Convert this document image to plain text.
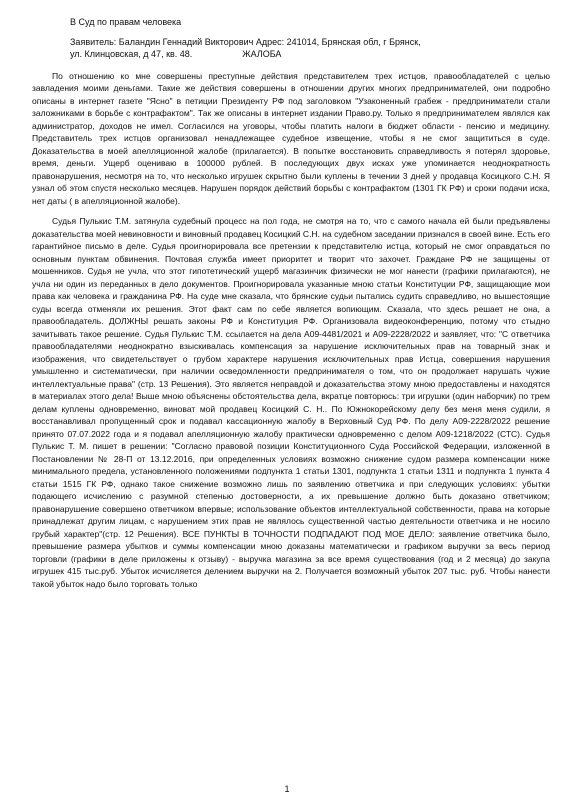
В Суд по правам человека
Заявитель: Баландин Геннадий Викторович Адрес: 241014, Брянская обл, г Брянск,
ул. Клинцовская, д 47, кв. 48.                    ЖАЛОБА

По отношению ко мне совершены преступные действия представителем трех истцов, правообладателей с целью завладения моими деньгами. Такие же действия совершены в отношении других многих предпринимателей, они подробно описаны в интернет газете "Ясно" в петиции Президенту РФ под заголовком "Узаконенный грабеж - предприниматели стали заложниками в борьбе с контрафактом". Так же описаны в интернет издании Право.ру. Только я предпринимателем являлся как администратор, доходов не имел. Согласился на уговоры, чтобы платить налоги в бюджет области - пенсию и медицину. Представитель трех истцов организовал ненадлежащее судебное извещение, чтобы я не смог защититься в суде. Доказательства в моей апелляционной жалобе (прилагается). В попытке восстановить справедливость я потерял здоровье, время, деньги. Ущерб оцениваю в 100000 рублей. В последующих двух исках уже упоминается неоднократность правонарушения, несмотря на то, что несколько игрушек скрытно были куплены в течении 3 дней у продавца Косицкого С.Н. Я узнал об этом спустя несколько месяцев. Нарушен порядок действий борьбы с контрафактом (1301 ГК РФ) и сроки подачи иска, нет даты ( в апелляционной жалобе).

Судья Пулькис Т.М. затянула судебный процесс на пол года, не смотря на то, что с самого начала ей были предъявлены доказательства моей невиновности и виновный продавец Косицкий С.Н. на судебном заседании признался в своей вине. Есть его гарантийное письмо в деле. Судья проигнорировала все претензии к представителю истца, который не смог оправдаться по основным пунктам обвинения. Почтовая служба имеет приоритет и творит что захочет. Граждане РФ не защищены от мошенников. Судья не учла, что этот гипотетический ущерб магазинчик физически не мог нанести (графики прилагаются), не учла ни один из переданных в дело документов. Проигнорировала указанные мною статьи Конституции РФ, защищающие мои права как человека и гражданина РФ. На суде мне сказала, что брянские судьи пытались судить справедливо, но вышестоящие суды всегда отменяли их решения. Этот факт сам по себе является вопиющим. Сказала, что здесь решает не она, а правообладатель. ДОЛЖНЫ решать законы РФ и Конституция РФ. Организовала видеоконференцию, потому что стыдно зачитывать такое решение. Судья Пулькис Т.М. ссылается на дела А09-4481/2021 и А09-2228/2022 и заявляет, что: "С ответчика правообладателями неоднократно взыскивалась компенсация за нарушение исключительных прав на товарный знак и изображения, что свидетельствует о грубом характере нарушения исключительных прав Истца, совершения нарушения умышленно и систематически, при наличии осведомленности предпринимателя о том, что он продолжает нарушать чужие интеллектуальные права" (стр. 13 Решения). Это является неправдой и доказательства этому мною предоставлены и находятся в материалах этого дела! Выше мною объяснены обстоятельства дела, вкратце повторюсь: три игрушки (один наборчик) по трем делам куплены одновременно, виноват мой продавец Косицкий С. Н.. По Южнокорейскому делу без меня меня судили, я восстанавливал пропущенный срок и подавал кассационную жалобу в Верховный Суд РФ. По делу А09-2228/2022 решение принято 07.07.2022 года и я подавал апелляционную жалобу практически одновременно с делом А09-1218/2022 (СТС). Судья Пулькис Т. М. пишет в решении: "Согласно правовой позиции Конституционного Суда Российской Федерации, изложенной в Постановлении № 28-П от 13.12.2016, при определенных условиях возможно снижение судом размера компенсации ниже минимального предела, установленного положениями подпункта 1 статьи 1301, подпункта 1 статьи 1311 и подпункта 1 пункта 4 статьи 1515 ГК РФ, однако такое снижение возможно лишь по заявлению ответчика и при следующих условиях: убытки подающего исчислению с разумной степенью достоверности, а их превышение должно быть доказано ответчиком; правонарушение совершено ответчиком впервые; использование объектов интеллектуальной собственности, права на которые принадлежат другим лицам, с нарушением этих прав не являлось существенной частью деятельности ответчика и не носило грубый характер"(стр. 12 Решения). ВСЕ ПУНКТЫ В ТОЧНОСТИ ПОДПАДАЮТ ПОД МОЕ ДЕЛО: заявление ответчика было, превышение размера убытков и суммы компенсации мною доказаны математически и графиком выручки за весь период торговли (графики в деле приложены к отзыву) - выручка магазина за все время существования (год и 2 месяца) до закупа игрушек 415 тыс.руб. Убыток исчисляется делением выручки на 2. Получается возможный убыток 207 тыс. руб. Чтобы нанести такой убыток надо было торговать только

1
